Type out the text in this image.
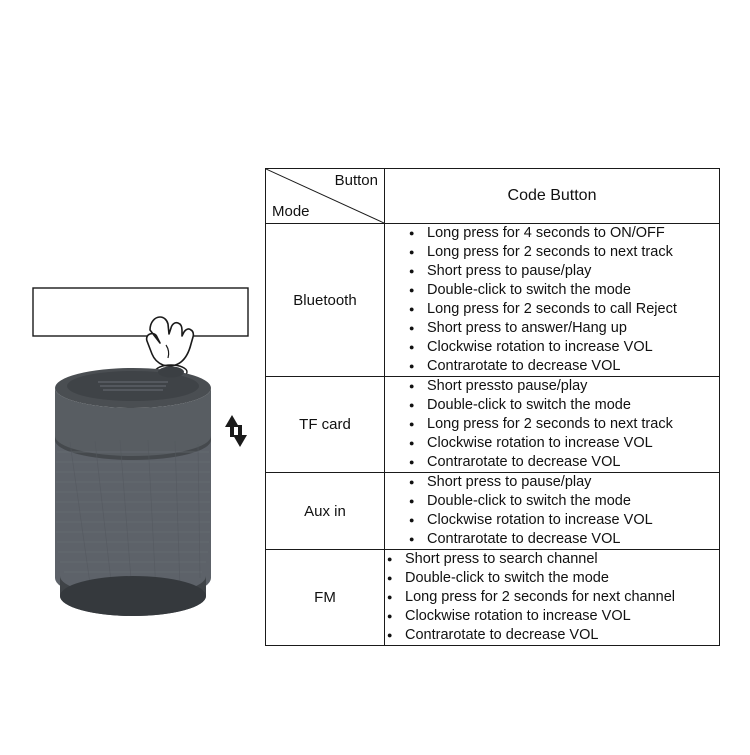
Button
Mode	Code Button
Bluetooth	
● Long press for 4 seconds to ON/OFF
● Long press for 2 seconds to next track
● Short press to pause/play
● Double-click to switch the mode
● Long press for 2 seconds to call Reject
● Short press to answer/Hang up
● Clockwise rotation to increase VOL
● Contrarotate to decrease VOL

TF card	
● Short pressto pause/play
● Double-click to switch the mode
● Long press for 2 seconds to next track
● Clockwise rotation to increase VOL
● Contrarotate to decrease VOL

Aux in	
● Short press to pause/play
● Double-click to switch the mode
● Clockwise rotation to increase VOL
● Contrarotate to decrease VOL

FM	
● Short press to search channel
● Double-click to switch the mode
● Long press for 2 seconds for next channel
● Clockwise rotation to increase VOL
● Contrarotate to decrease VOL
